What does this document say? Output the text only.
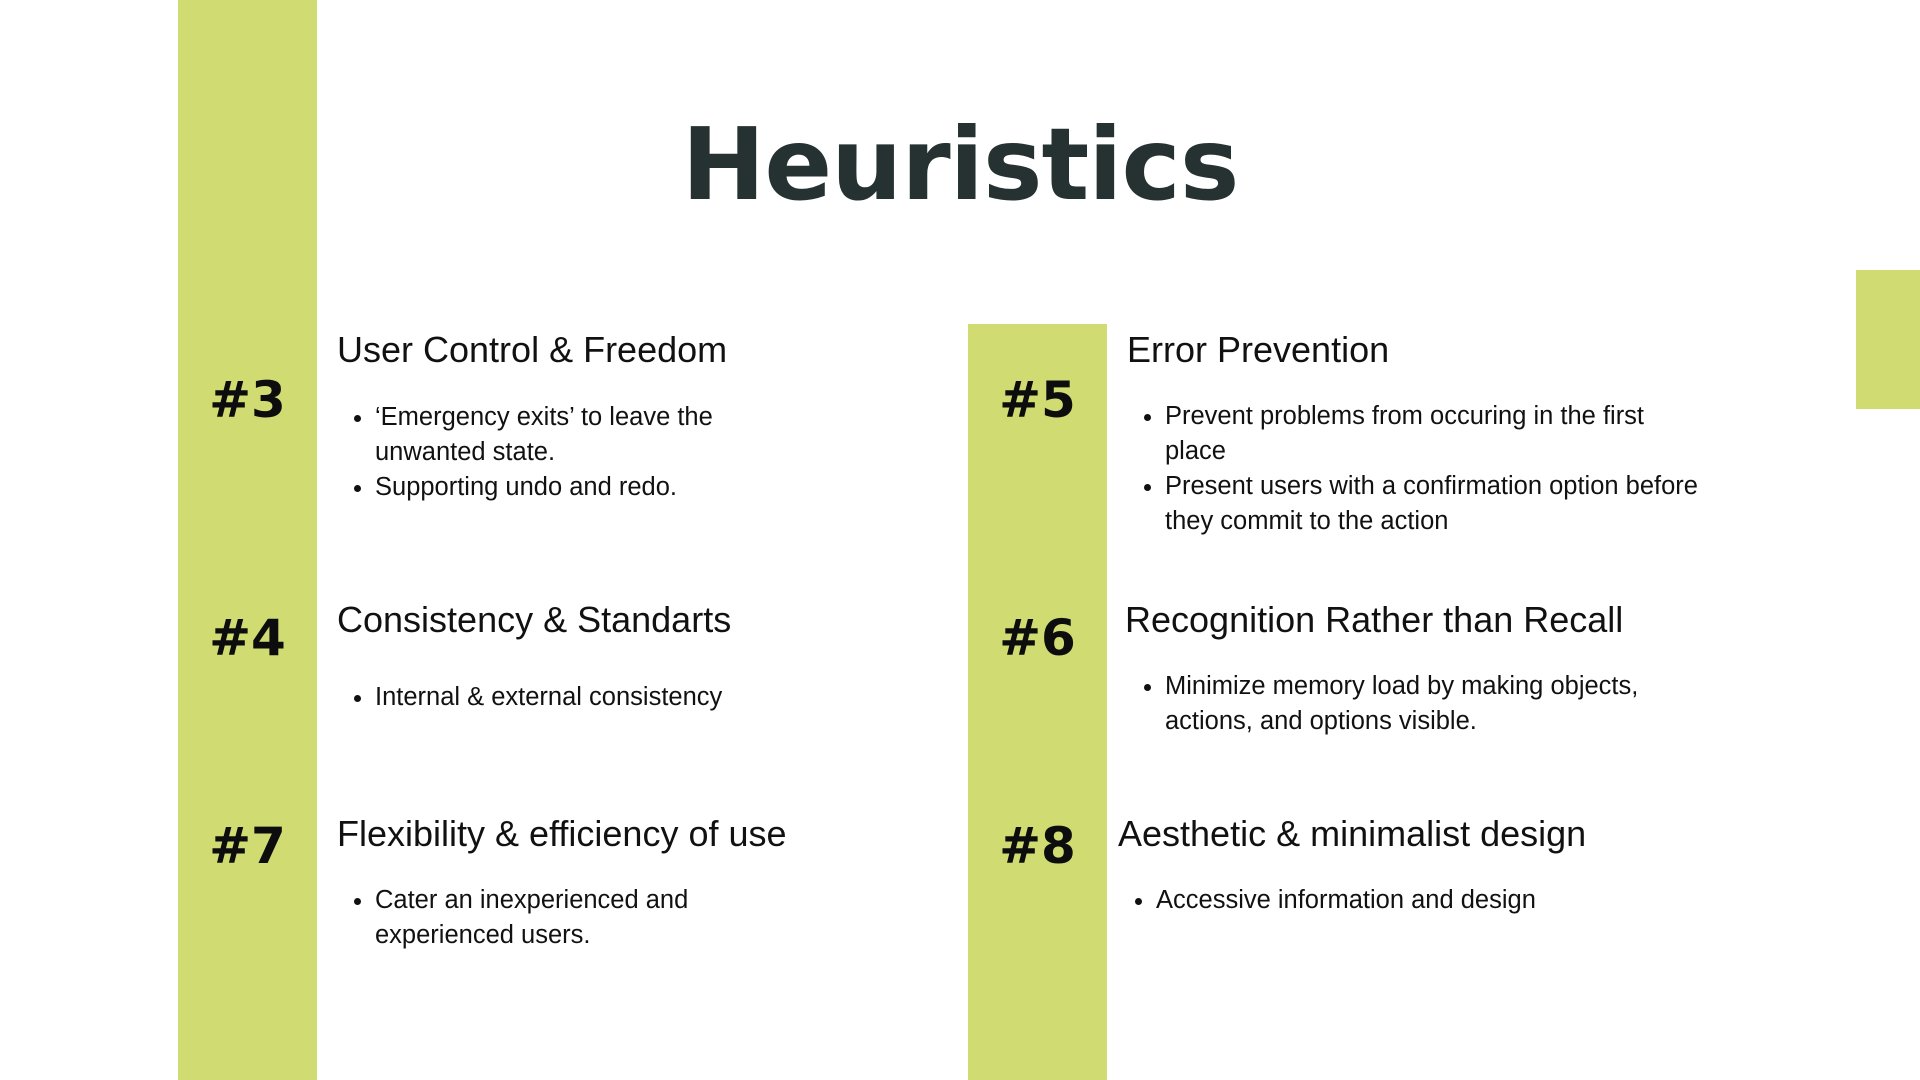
Heuristics
#3
User Control & Freedom
• ‘Emergency exits’ to leave the unwanted state.
• Supporting undo and redo.
#5
Error Prevention
• Prevent problems from occuring in the first place
• Present users with a confirmation option before they commit to the action
#4	Consistency & Standarts
• Internal & external consistency
#6	Recognition Rather than Recall
• Minimize memory load by making objects, actions, and options visible.
#7	Flexibility & efficiency of use
• Cater an inexperienced and experienced users.
#8	Aesthetic & minimalist design
• Accessive information and design
